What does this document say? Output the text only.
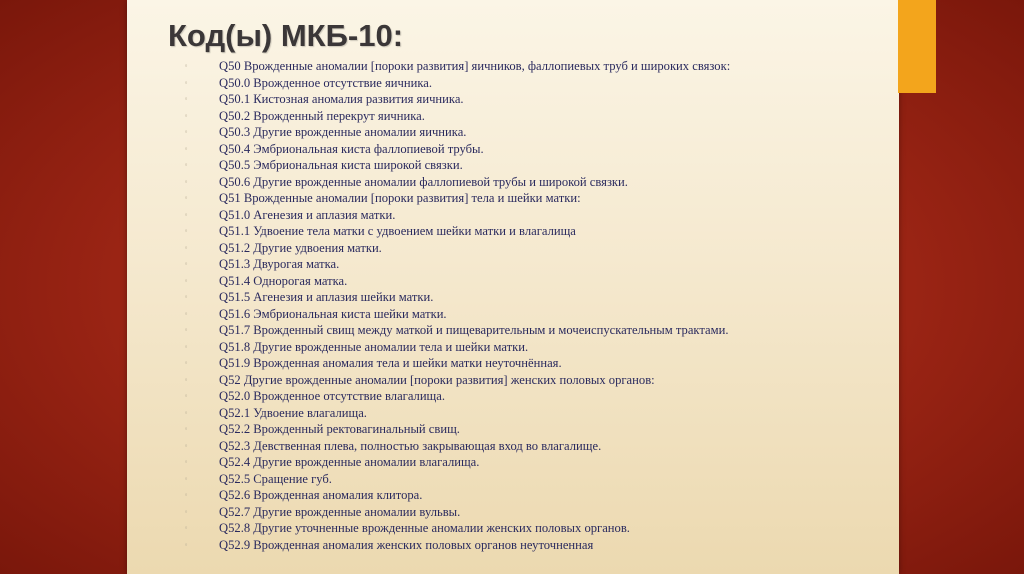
Код(ы) МКБ-10:
◦	Q50 Врожденные аномалии [пороки развития] яичников, фаллопиевых труб и широких связок:
◦	Q50.0 Врожденное отсутствие яичника.
◦	Q50.1 Кистозная аномалия развития яичника.
◦	Q50.2 Врожденный перекрут яичника.
◦	Q50.3 Другие врожденные аномалии яичника.
◦	Q50.4 Эмбриональная киста фаллопиевой трубы.
◦	Q50.5 Эмбриональная киста широкой связки.
◦	Q50.6 Другие врожденные аномалии фаллопиевой трубы и широкой связки.
◦	Q51 Врожденные аномалии [пороки развития] тела и шейки матки:
◦	Q51.0 Агенезия и аплазия матки.
◦	Q51.1 Удвоение тела матки с удвоением шейки матки и влагалища
◦	Q51.2 Другие удвоения матки.
◦	Q51.3 Двурогая матка.
◦	Q51.4 Однорогая матка.
◦	Q51.5 Агенезия и аплазия шейки матки.
◦	Q51.6 Эмбриональная киста шейки матки.
◦	Q51.7 Врожденный свищ между маткой и пищеварительным и мочеиспускательным трактами.
◦	Q51.8 Другие врожденные аномалии тела и шейки матки.
◦	Q51.9 Врожденная аномалия тела и шейки матки неуточнённая.
◦	Q52 Другие врожденные аномалии [пороки развития] женских половых органов:
◦	Q52.0 Врожденное отсутствие влагалища.
◦	Q52.1 Удвоение влагалища.
◦	Q52.2 Врожденный ректовагинальный свищ.
◦	Q52.3 Девственная плева, полностью закрывающая вход во влагалище.
◦	Q52.4 Другие врожденные аномалии влагалища.
◦	Q52.5 Сращение губ.
◦	Q52.6 Врожденная аномалия клитора.
◦	Q52.7 Другие врожденные аномалии вульвы.
◦	Q52.8 Другие уточненные врожденные аномалии женских половых органов.
◦	Q52.9 Врожденная аномалия женских половых органов неуточненная
